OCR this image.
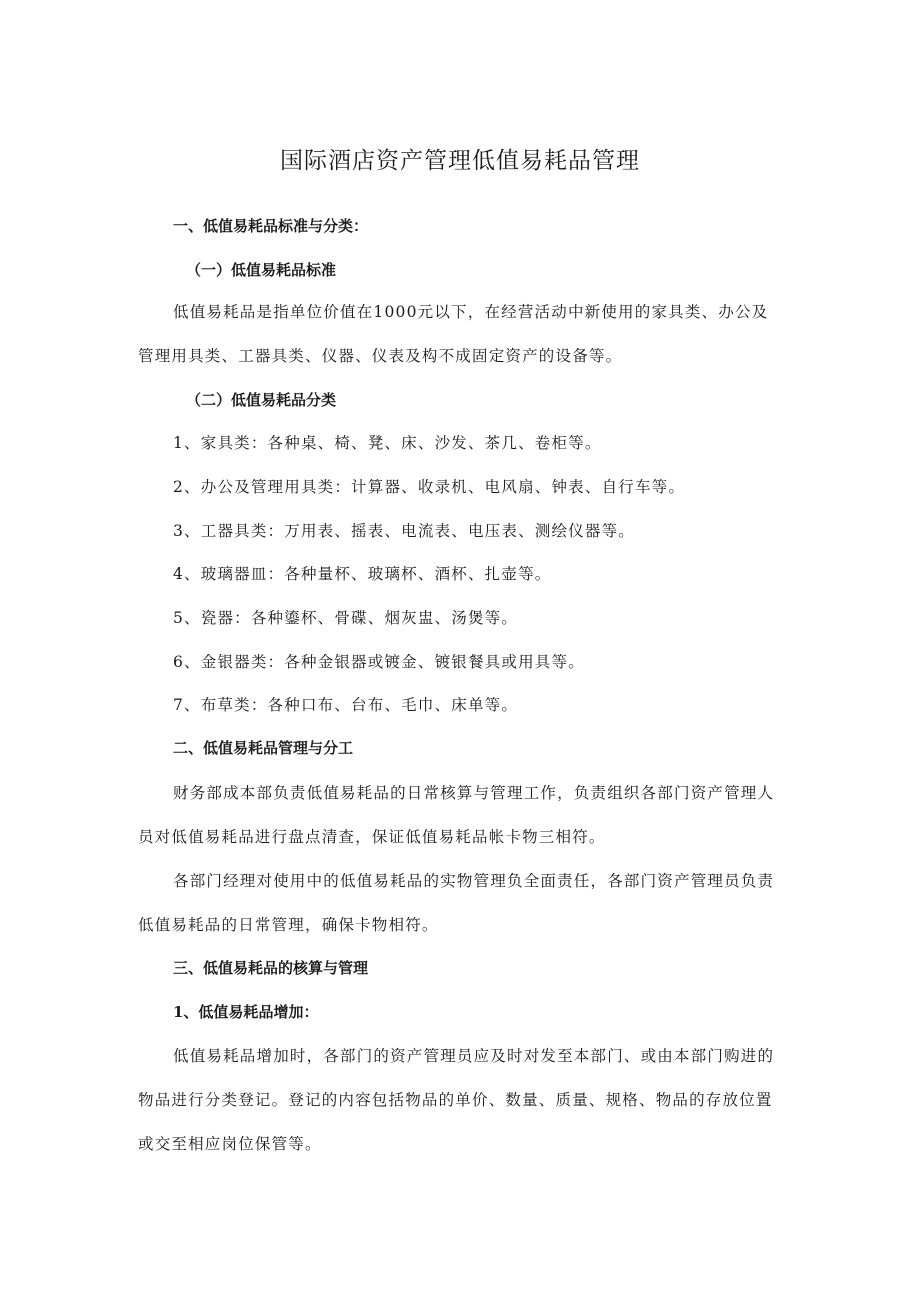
国际酒店资产管理低值易耗品管理

一、低值易耗品标准与分类：

（一）低值易耗品标准

低值易耗品是指单位价值在1000元以下，在经营活动中新使用的家具类、办公及

管理用具类、工器具类、仪器、仪表及构不成固定资产的设备等。

（二）低值易耗品分类

1、家具类：各种桌、椅、凳、床、沙发、茶几、卷柜等。

2、办公及管理用具类：计算器、收录机、电风扇、钟表、自行车等。

3、工器具类：万用表、摇表、电流表、电压表、测绘仪器等。

4、玻璃器皿：各种量杯、玻璃杯、酒杯、扎壶等。

5、瓷器：各种鎏杯、骨碟、烟灰盅、汤煲等。

6、金银器类：各种金银器或镀金、镀银餐具或用具等。

7、布草类：各种口布、台布、毛巾、床单等。

二、低值易耗品管理与分工

财务部成本部负责低值易耗品的日常核算与管理工作，负责组织各部门资产管理人

员对低值易耗品进行盘点清查，保证低值易耗品帐卡物三相符。

各部门经理对使用中的低值易耗品的实物管理负全面责任，各部门资产管理员负责

低值易耗品的日常管理，确保卡物相符。

三、低值易耗品的核算与管理

1、低值易耗品增加：

低值易耗品增加时，各部门的资产管理员应及时对发至本部门、或由本部门购进的

物品进行分类登记。登记的内容包括物品的单价、数量、质量、规格、物品的存放位置

或交至相应岗位保管等。
